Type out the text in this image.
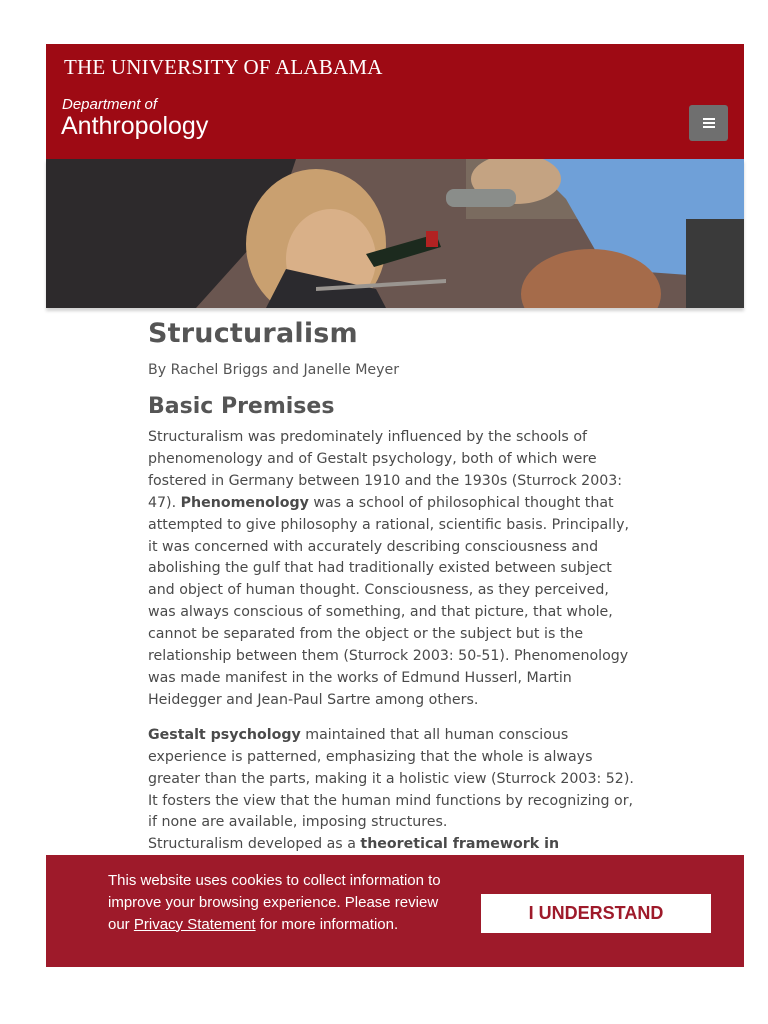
THE UNIVERSITY OF ALABAMA
Department of
Anthropology
Structuralism
By Rachel Briggs and Janelle Meyer
Basic Premises

Structuralism was predominately influenced by the schools of phenomenology and of Gestalt psychology, both of which were fostered in Germany between 1910 and the 1930s (Sturrock 2003: 47). Phenomenology was a school of philosophical thought that attempted to give philosophy a rational, scientific basis. Principally, it was concerned with accurately describing consciousness and abolishing the gulf that had traditionally existed between subject and object of human thought. Consciousness, as they perceived, was always conscious of something, and that picture, that whole, cannot be separated from the object or the subject but is the relationship between them (Sturrock 2003: 50-51). Phenomenology was made manifest in the works of Edmund Husserl, Martin Heidegger and Jean-Paul Sartre among others.

Gestalt psychology maintained that all human conscious experience is patterned, emphasizing that the whole is always greater than the parts, making it a holistic view (Sturrock 2003: 52). It fosters the view that the human mind functions by recognizing or, if none are available, imposing structures.
Structuralism developed as a theoretical framework in

This website uses cookies to collect information to improve your browsing experience. Please review our Privacy Statement for more information.
I UNDERSTAND
